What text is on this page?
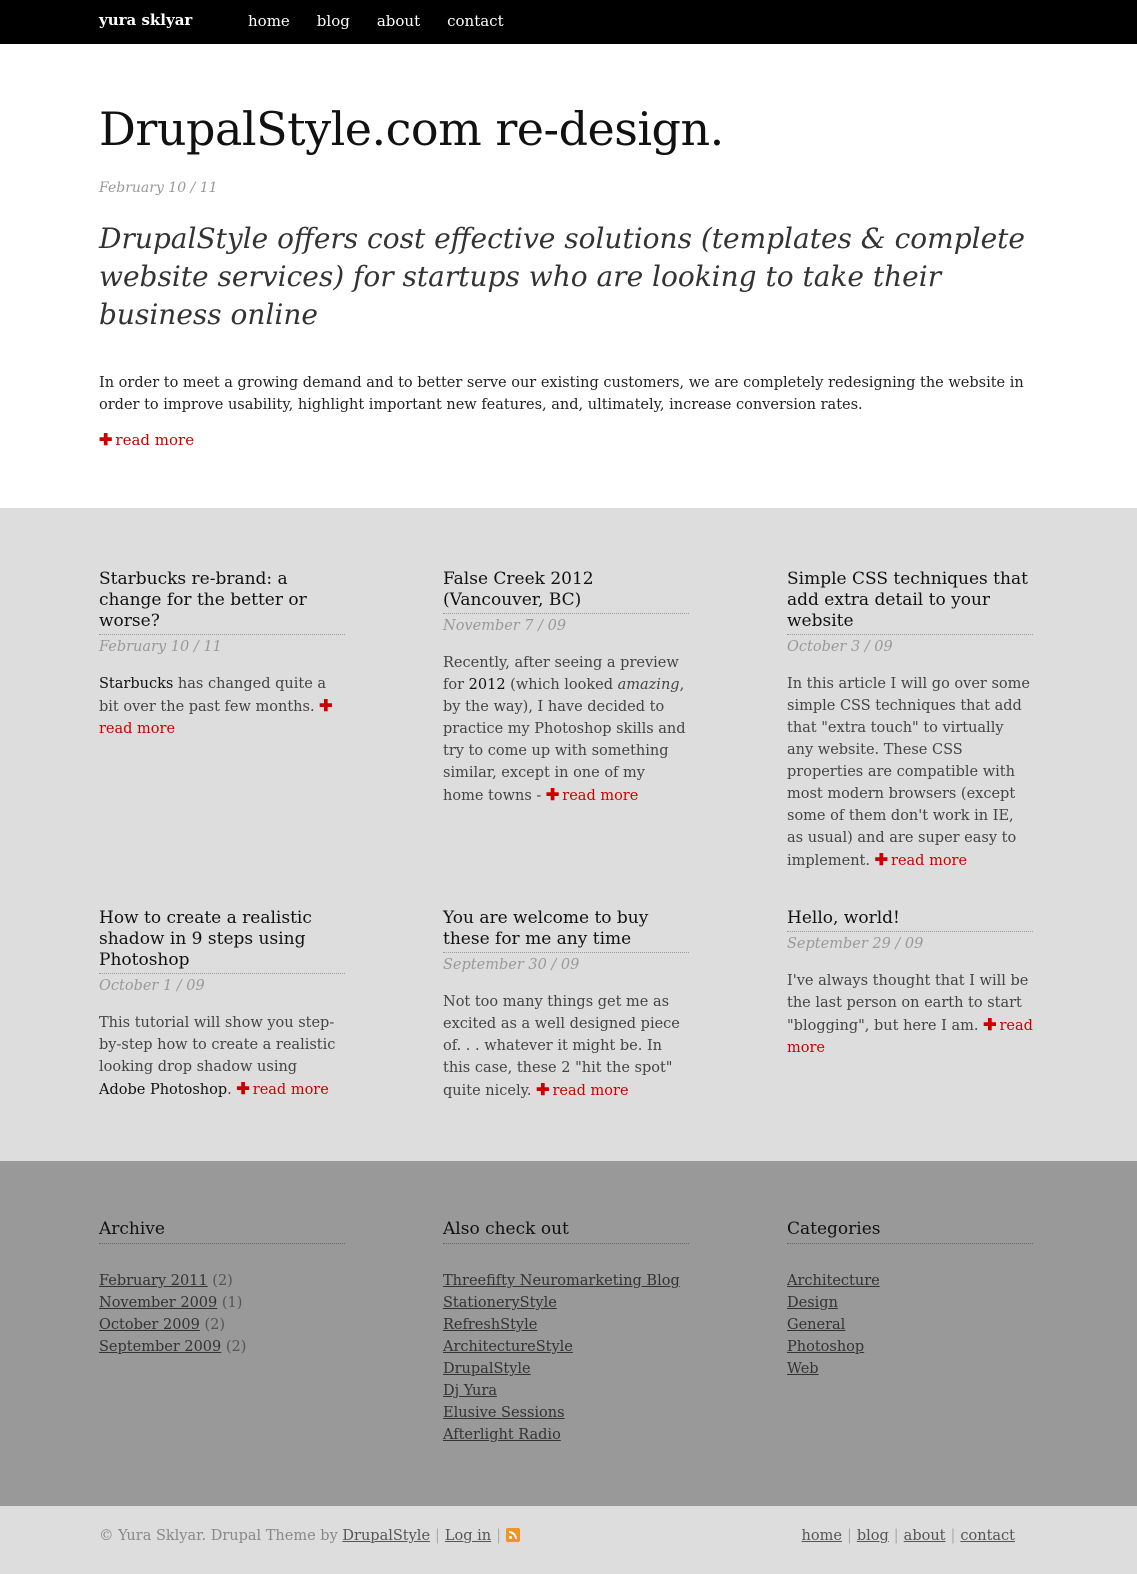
yura sklyar	home blog about contact
DrupalStyle.com re-design.
February 10 / 11

DrupalStyle offers cost effective solutions (templates & complete website services) for startups who are looking to take their business online

In order to meet a growing demand and to better serve our existing customers, we are completely redesigning the website in order to improve usability, highlight important new features, and, ultimately, increase conversion rates.

✚ read more
Starbucks re-brand: a change for the better or worse?
February 10 / 11

Starbucks has changed quite a bit over the past few months. ✚read more

False Creek 2012 (Vancouver, BC)
November 7 / 09

Recently, after seeing a preview for 2012 (which looked amazing, by the way), I have decided to practice my Photoshop skills and try to come up with something similar, except in one of my home towns - ✚ read more

Simple CSS techniques that add extra detail to your website
October 3 / 09

In this article I will go over some simple CSS techniques that add that "extra touch" to virtually any website. These CSS properties are compatible with most modern browsers (except some of them don't work in IE, as usual) and are super easy to implement. ✚ read more

How to create a realistic shadow in 9 steps using Photoshop
October 1 / 09

This tutorial will show you step-by-step how to create a realistic looking drop shadow using Adobe Photoshop. ✚ read more

You are welcome to buy these for me any time
September 30 / 09

Not too many things get me as excited as a well designed piece of. . . whatever it might be. In this case, these 2 "hit the spot" quite nicely. ✚ read more

Hello, world!
September 29 / 09

I've always thought that I will be the last person on earth to start "blogging", but here I am. ✚ read more

Archive
February 2011 (2)
November 2009 (1)
October 2009 (2)
September 2009 (2)
Also check out
Threefifty Neuromarketing Blog
StationeryStyle
RefreshStyle
ArchitectureStyle
DrupalStyle
Dj Yura
Elusive Sessions
Afterlight Radio
Categories
Architecture
Design
General
Photoshop
Web
© Yura Sklyar. Drupal Theme by DrupalStyle | Log in |	home | blog | about | contact
